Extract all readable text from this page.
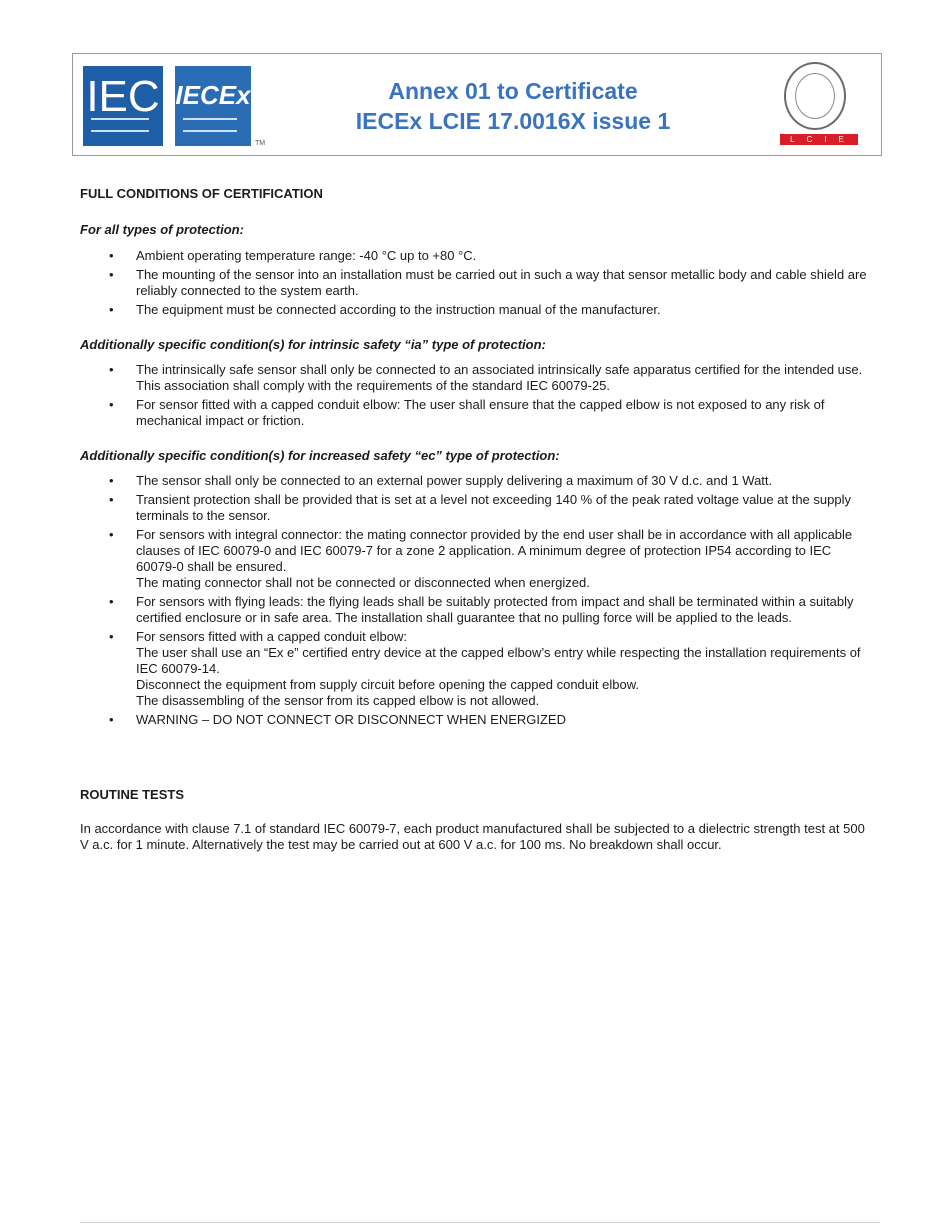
IEC IECEx
TM
Annex 01 to Certificate
IECEx LCIE 17.0016X issue 1
LCIE
FULL CONDITIONS OF CERTIFICATION
For all types of protection:
• Ambient operating temperature range: -40 °C up to +80 °C.
• The mounting of the sensor into an installation must be carried out in such a way that sensor metallic body and cable shield are reliably connected to the system earth.
• The equipment must be connected according to the instruction manual of the manufacturer.
Additionally specific condition(s) for intrinsic safety “ia” type of protection:
• The intrinsically safe sensor shall only be connected to an associated intrinsically safe apparatus certified for the intended use. This association shall comply with the requirements of the standard IEC 60079-25.
• For sensor fitted with a capped conduit elbow: The user shall ensure that the capped elbow is not exposed to any risk of mechanical impact or friction.
Additionally specific condition(s) for increased safety “ec” type of protection:
• The sensor shall only be connected to an external power supply delivering a maximum of 30 V d.c. and 1 Watt.
• Transient protection shall be provided that is set at a level not exceeding 140 % of the peak rated voltage value at the supply terminals to the sensor.
• For sensors with integral connector: the mating connector provided by the end user shall be in accordance with all applicable clauses of IEC 60079-0 and IEC 60079-7 for a zone 2 application. A minimum degree of protection IP54 according to IEC 60079-0 shall be ensured.
The mating connector shall not be connected or disconnected when energized.
• For sensors with flying leads: the flying leads shall be suitably protected from impact and shall be terminated within a suitably certified enclosure or in safe area. The installation shall guarantee that no pulling force will be applied to the leads.
• For sensors fitted with a capped conduit elbow:
The user shall use an “Ex e” certified entry device at the capped elbow’s entry while respecting the installation requirements of IEC 60079-14.
Disconnect the equipment from supply circuit before opening the capped conduit elbow.
The disassembling of the sensor from its capped elbow is not allowed.
• WARNING – DO NOT CONNECT OR DISCONNECT WHEN ENERGIZED
ROUTINE TESTS
In accordance with clause 7.1 of standard IEC 60079-7, each product manufactured shall be subjected to a dielectric strength test at 500 V a.c. for 1 minute. Alternatively the test may be carried out at 600 V a.c. for 100 ms. No breakdown shall occur.
